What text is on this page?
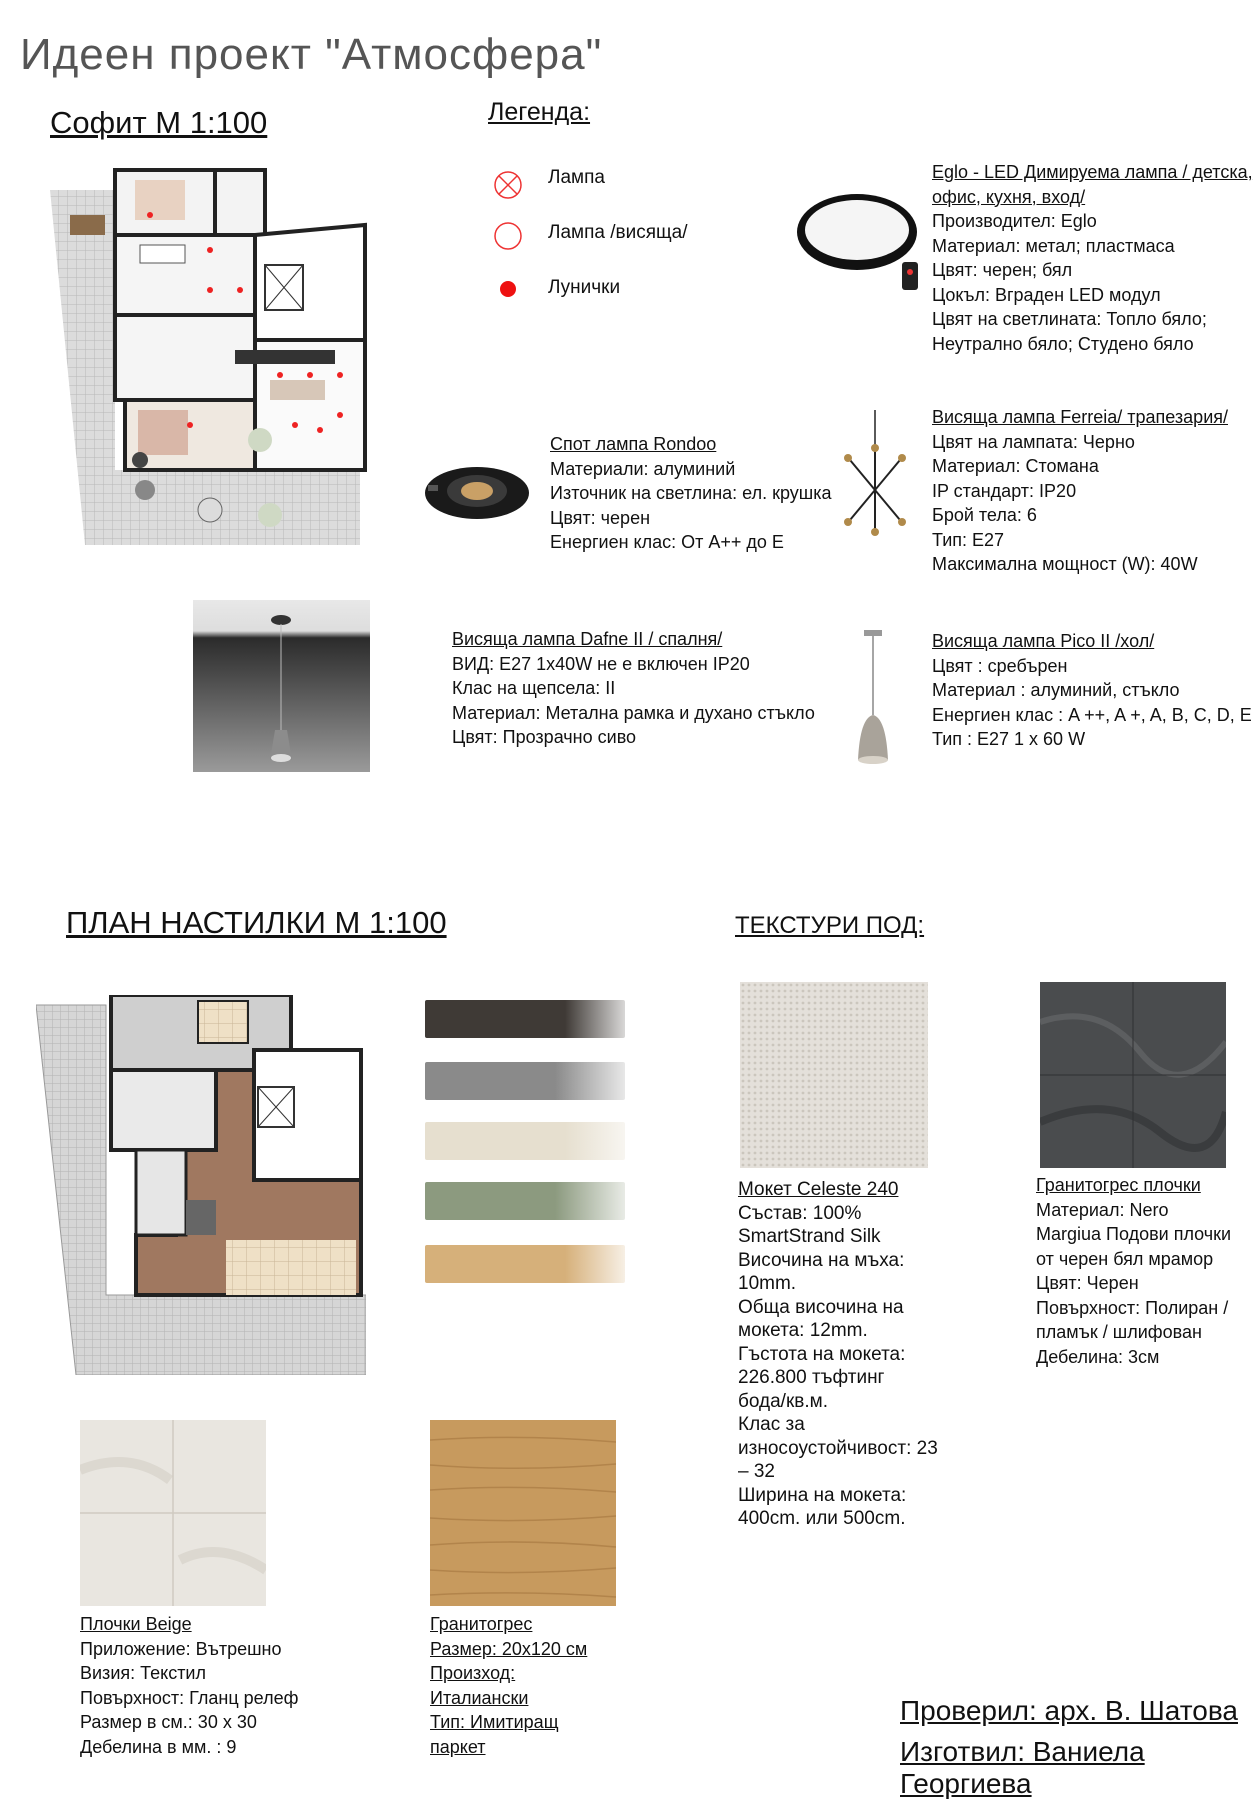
Идеен проект "Атмосфера"
Софит М 1:100	Легенда:
Лампа
Лампа /висяща/
Лунички
Eglo - LED Димируема лампа / детска,
офис, кухня, вход/
Производител: Eglo
Материал: метал; пластмаса
Цвят: черен; бял
Цокъл: Вграден LED модул
Цвят на светлината: Топло бяло;
Неутрално бяло; Студено бяло
Спот лампа Rondoo
Материали: алуминий
Източник на светлина: ел. крушка
Цвят: черен
Енергиен клас: От А++ до Е
Висяща лампа Ferreia/ трапезария/
Цвят на лампата: Черно
Материал: Стомана
IP стандарт: IP20
Брой тела: 6
Тип: E27
Максимална мощност (W): 40W
Висяща лампа Dafne II / спалня/
ВИД: E27 1x40W не е включен IP20
Клас на щепсела: II
Материал: Метална рамка и духано стъкло
Цвят: Прозрачно сиво
Висяща лампа Pico II /хол/
Цвят : сребърен
Материал : алуминий, стъкло
Енергиен клас : A ++, A +, A, B, C, D, E
Тип : E27 1 x 60 W
ПЛАН НАСТИЛКИ М 1:100	ТЕКСТУРИ ПОД:
Мокет Celeste 240
Състав: 100%
SmartStrand Silk
Височина на мъха:
10mm.
Обща височина на
мокета: 12mm.
Гъстота на мокета:
226.800 тъфтинг
бода/кв.м.
Клас за
износоустойчивост: 23
– 32
Ширина на мокета:
400cm. или 500cm.
Гранитогрес плочки
Материал: Nero
Margiua Подови плочки
от черен бял мрамор
Цвят: Черен
Повърхност: Полиран /
пламък / шлифован
Дебелина: 3см
Плочки Beige
Приложение: Вътрешно
Визия: Текстил
Повърхност: Гланц релеф
Размер в см.: 30 х 30
Дебелина в мм. : 9
Гранитогрес
Размер: 20х120 см
Произход:
Италиански
Тип: Имитиращ
паркет
Проверил: арх. В. Шатова
Изготвил: Ваниела Георгиева
